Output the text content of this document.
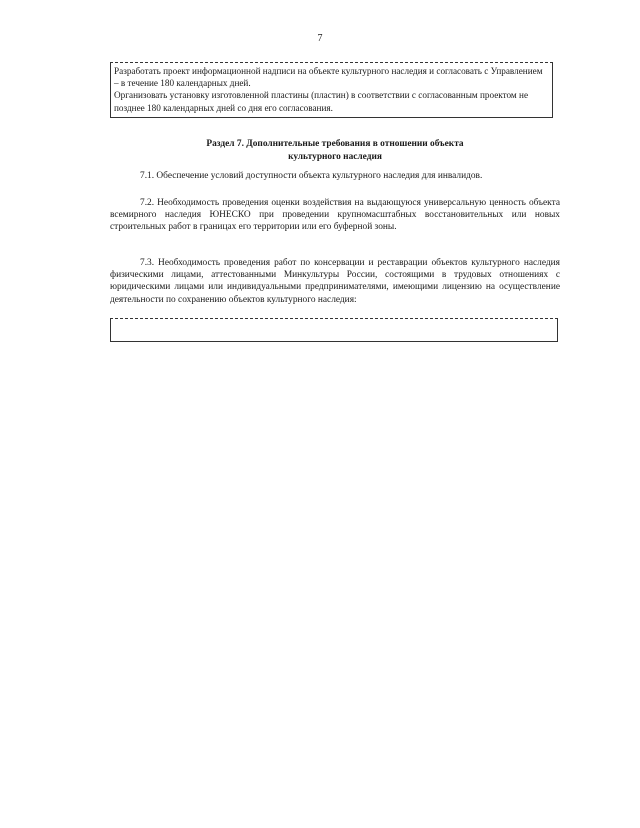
7

Разработать проект информационной надписи на объекте культурного наследия и согласовать с Управлением – в течение 180 календарных дней.

Организовать установку изготовленной пластины (пластин) в соответствии с согласованным проектом не позднее 180 календарных дней со дня его согласования.

Раздел 7. Дополнительные требования в отношении объекта
культурного наследия

7.1. Обеспечение условий доступности объекта культурного наследия для инвалидов.

7.2. Необходимость проведения оценки воздействия на выдающуюся универсальную ценность объекта всемирного наследия ЮНЕСКО при проведении крупномасштабных восстановительных или новых строительных работ в границах его территории или его буферной зоны.

7.3. Необходимость проведения работ по консервации и реставрации объектов культурного наследия физическими лицами, аттестованными Минкультуры России, состоящими в трудовых отношениях с юридическими лицами или индивидуальными предпринимателями, имеющими лицензию на осуществление деятельности по сохранению объектов культурного наследия:
